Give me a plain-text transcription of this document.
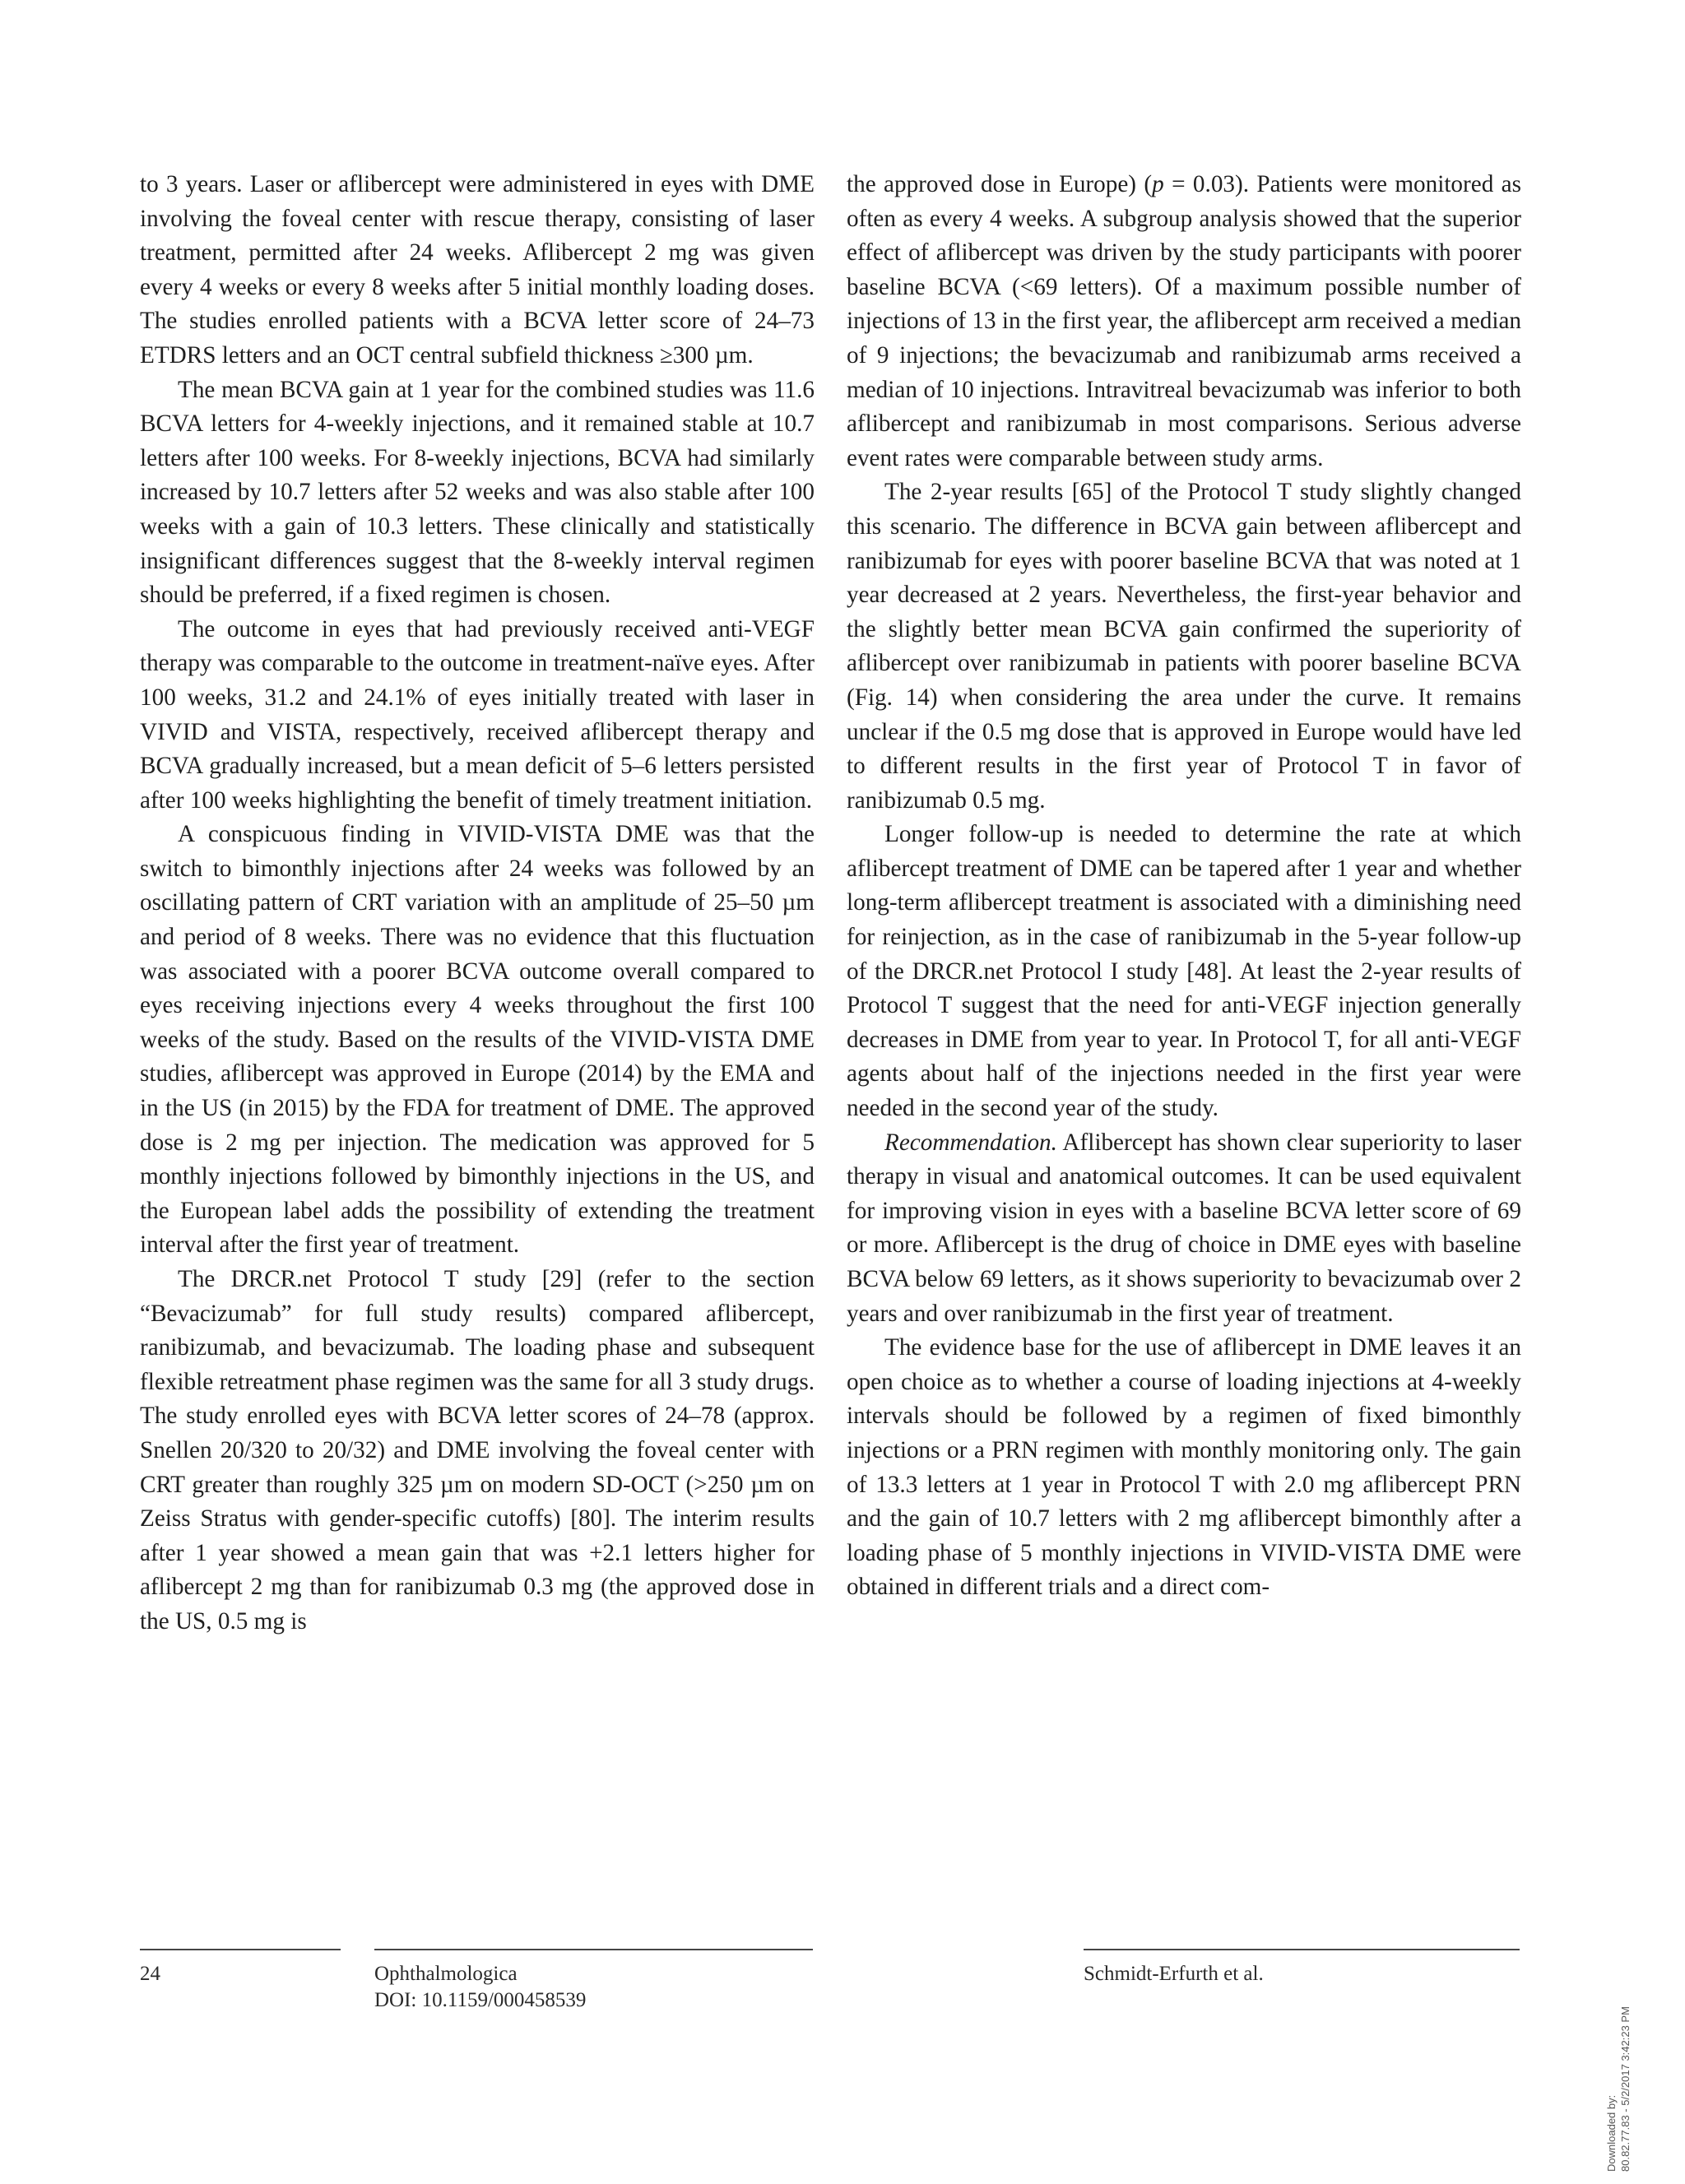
to 3 years. Laser or aflibercept were administered in eyes with DME involving the foveal center with rescue therapy, consisting of laser treatment, permitted after 24 weeks. Aflibercept 2 mg was given every 4 weeks or every 8 weeks after 5 initial monthly loading doses. The studies enrolled patients with a BCVA letter score of 24–73 ETDRS letters and an OCT central subfield thickness ≥300 µm.

The mean BCVA gain at 1 year for the combined studies was 11.6 BCVA letters for 4-weekly injections, and it remained stable at 10.7 letters after 100 weeks. For 8-weekly injections, BCVA had similarly increased by 10.7 letters after 52 weeks and was also stable after 100 weeks with a gain of 10.3 letters. These clinically and statistically insignificant differences suggest that the 8-weekly interval regimen should be preferred, if a fixed regimen is chosen.

The outcome in eyes that had previously received anti-VEGF therapy was comparable to the outcome in treatment-naïve eyes. After 100 weeks, 31.2 and 24.1% of eyes initially treated with laser in VIVID and VISTA, respectively, received aflibercept therapy and BCVA gradually increased, but a mean deficit of 5–6 letters persisted after 100 weeks highlighting the benefit of timely treatment initiation.

A conspicuous finding in VIVID-VISTA DME was that the switch to bimonthly injections after 24 weeks was followed by an oscillating pattern of CRT variation with an amplitude of 25–50 µm and period of 8 weeks. There was no evidence that this fluctuation was associated with a poorer BCVA outcome overall compared to eyes receiving injections every 4 weeks throughout the first 100 weeks of the study. Based on the results of the VIVID-VISTA DME studies, aflibercept was approved in Europe (2014) by the EMA and in the US (in 2015) by the FDA for treatment of DME. The approved dose is 2 mg per injection. The medication was approved for 5 monthly injections followed by bimonthly injections in the US, and the European label adds the possibility of extending the treatment interval after the first year of treatment.

The DRCR.net Protocol T study [29] (refer to the section “Bevacizumab” for full study results) compared aflibercept, ranibizumab, and bevacizumab. The loading phase and subsequent flexible retreatment phase regimen was the same for all 3 study drugs. The study enrolled eyes with BCVA letter scores of 24–78 (approx. Snellen 20/320 to 20/32) and DME involving the foveal center with CRT greater than roughly 325 µm on modern SD-OCT (>250 µm on Zeiss Stratus with gender-specific cutoffs) [80]. The interim results after 1 year showed a mean gain that was +2.1 letters higher for aflibercept 2 mg than for ranibizumab 0.3 mg (the approved dose in the US, 0.5 mg is

the approved dose in Europe) (p = 0.03). Patients were monitored as often as every 4 weeks. A subgroup analysis showed that the superior effect of aflibercept was driven by the study participants with poorer baseline BCVA (<69 letters). Of a maximum possible number of injections of 13 in the first year, the aflibercept arm received a median of 9 injections; the bevacizumab and ranibizumab arms received a median of 10 injections. Intravitreal bevacizumab was inferior to both aflibercept and ranibizumab in most comparisons. Serious adverse event rates were comparable between study arms.

The 2-year results [65] of the Protocol T study slightly changed this scenario. The difference in BCVA gain between aflibercept and ranibizumab for eyes with poorer baseline BCVA that was noted at 1 year decreased at 2 years. Nevertheless, the first-year behavior and the slightly better mean BCVA gain confirmed the superiority of aflibercept over ranibizumab in patients with poorer baseline BCVA (Fig. 14) when considering the area under the curve. It remains unclear if the 0.5 mg dose that is approved in Europe would have led to different results in the first year of Protocol T in favor of ranibizumab 0.5 mg.

Longer follow-up is needed to determine the rate at which aflibercept treatment of DME can be tapered after 1 year and whether long-term aflibercept treatment is associated with a diminishing need for reinjection, as in the case of ranibizumab in the 5-year follow-up of the DRCR.net Protocol I study [48]. At least the 2-year results of Protocol T suggest that the need for anti-VEGF injection generally decreases in DME from year to year. In Protocol T, for all anti-VEGF agents about half of the injections needed in the first year were needed in the second year of the study.

Recommendation. Aflibercept has shown clear superiority to laser therapy in visual and anatomical outcomes. It can be used equivalent for improving vision in eyes with a baseline BCVA letter score of 69 or more. Aflibercept is the drug of choice in DME eyes with baseline BCVA below 69 letters, as it shows superiority to bevacizumab over 2 years and over ranibizumab in the first year of treatment.

The evidence base for the use of aflibercept in DME leaves it an open choice as to whether a course of loading injections at 4-weekly intervals should be followed by a regimen of fixed bimonthly injections or a PRN regimen with monthly monitoring only. The gain of 13.3 letters at 1 year in Protocol T with 2.0 mg aflibercept PRN and the gain of 10.7 letters with 2 mg aflibercept bimonthly after a loading phase of 5 monthly injections in VIVID-VISTA DME were obtained in different trials and a direct com-

24	Ophthalmologica
DOI: 10.1159/000458539
Schmidt-Erfurth et al.
Downloaded by: 80.82.77.83 - 5/2/2017 3:42:23 PM
